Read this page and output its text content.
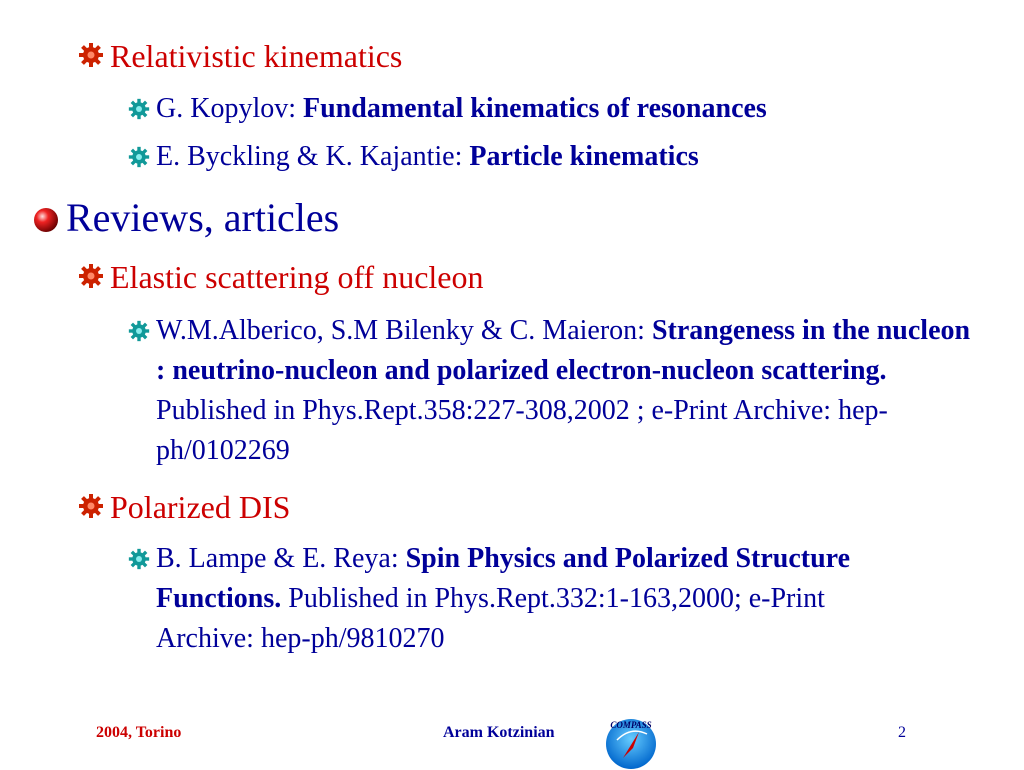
Relativistic kinematics
G. Kopylov: Fundamental kinematics of resonances
E. Byckling & K. Kajantie: Particle kinematics
Reviews, articles
Elastic scattering off nucleon
W.M.Alberico, S.M Bilenky & C. Maieron: Strangeness in the nucleon : neutrino-nucleon and polarized electron-nucleon scattering. Published in Phys.Rept.358:227-308,2002 ; e-Print Archive: hep-ph/0102269
Polarized DIS
B. Lampe & E. Reya: Spin Physics and Polarized Structure Functions. Published in Phys.Rept.332:1-163,2000; e-Print Archive: hep-ph/9810270
2004, Torino	Aram Kotzinian	COMPASS	2
